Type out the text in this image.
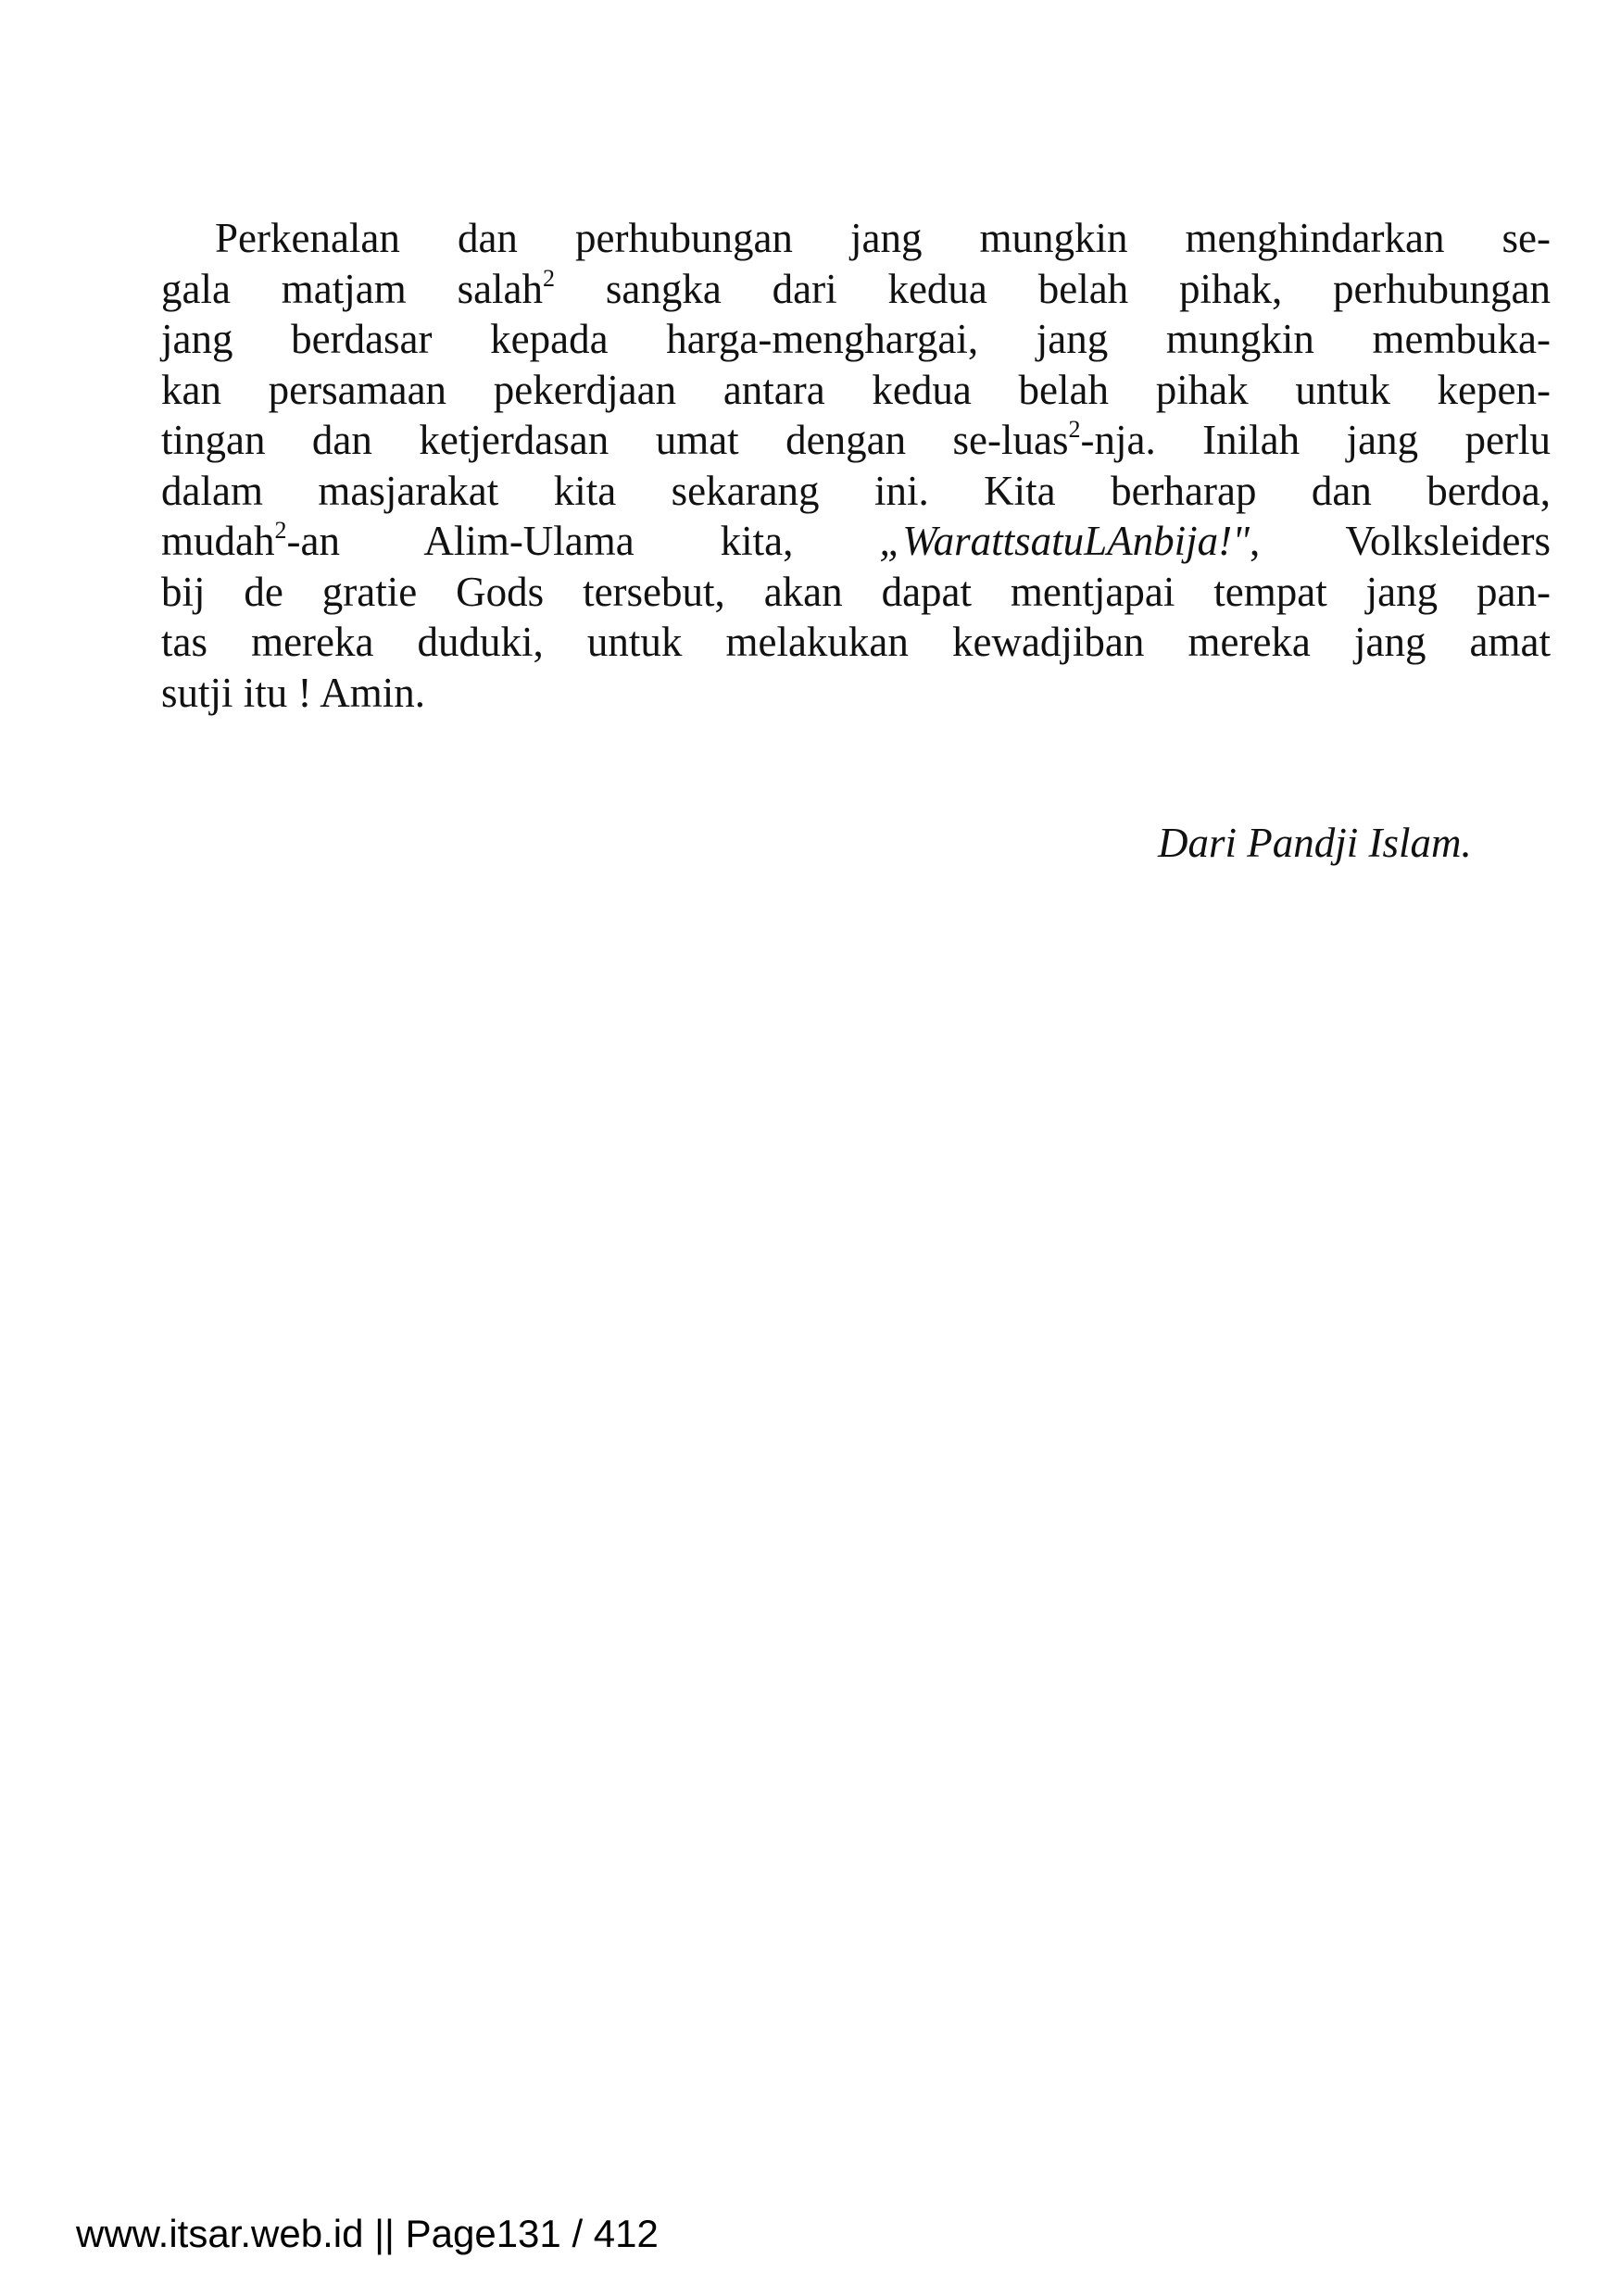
Perkenalan dan perhubungan jang mungkin menghindarkan se-
gala matjam salah$^2$ sangka dari kedua belah pihak, perhubungan
jang berdasar kepada harga-menghargai, jang mungkin membuka-
kan persamaan pekerdjaan antara kedua belah pihak untuk kepen-
tingan dan ketjerdasan umat dengan se-luas$^2$-nja. Inilah jang perlu
dalam masjarakat kita sekarang ini. Kita berharap dan berdoa,
mudah$^2$-an Alim-Ulama kita, „WarattsatuLAnbija!", Volksleiders
bij de gratie Gods tersebut, akan dapat mentjapai tempat jang pan-
tas mereka duduki, untuk melakukan kewadjiban mereka jang amat
sutji itu ! Amin.
Dari Pandji Islam.
www.itsar.web.id || Page131 / 412
